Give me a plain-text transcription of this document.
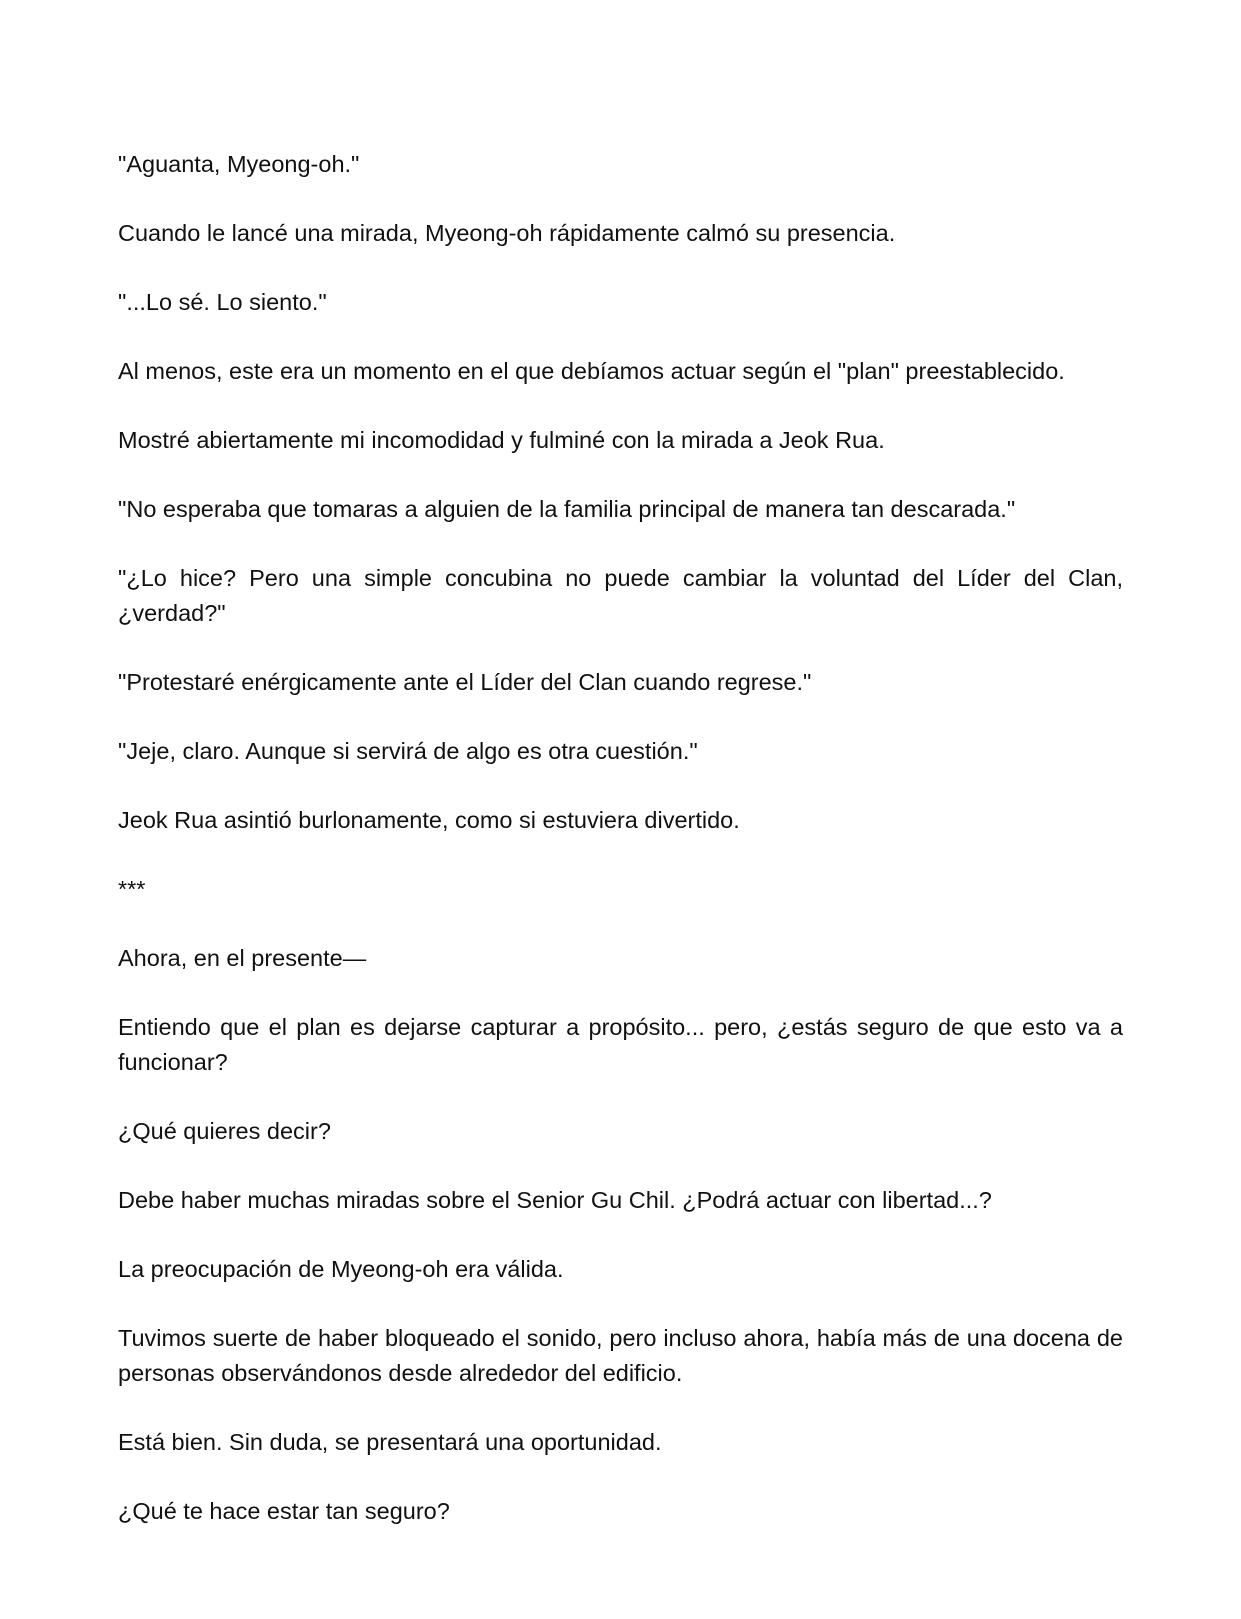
"Aguanta, Myeong-oh."

Cuando le lancé una mirada, Myeong-oh rápidamente calmó su presencia.

"...Lo sé. Lo siento."

Al menos, este era un momento en el que debíamos actuar según el "plan" preestablecido.

Mostré abiertamente mi incomodidad y fulminé con la mirada a Jeok Rua.

"No esperaba que tomaras a alguien de la familia principal de manera tan descarada."

"¿Lo hice? Pero una simple concubina no puede cambiar la voluntad del Líder del Clan, ¿verdad?"

"Protestaré enérgicamente ante el Líder del Clan cuando regrese."

"Jeje, claro. Aunque si servirá de algo es otra cuestión."

Jeok Rua asintió burlonamente, como si estuviera divertido.

***

Ahora, en el presente—

Entiendo que el plan es dejarse capturar a propósito... pero, ¿estás seguro de que esto va a funcionar?

¿Qué quieres decir?

Debe haber muchas miradas sobre el Senior Gu Chil. ¿Podrá actuar con libertad...?

La preocupación de Myeong-oh era válida.

Tuvimos suerte de haber bloqueado el sonido, pero incluso ahora, había más de una docena de personas observándonos desde alrededor del edificio.

Está bien. Sin duda, se presentará una oportunidad.

¿Qué te hace estar tan seguro?
